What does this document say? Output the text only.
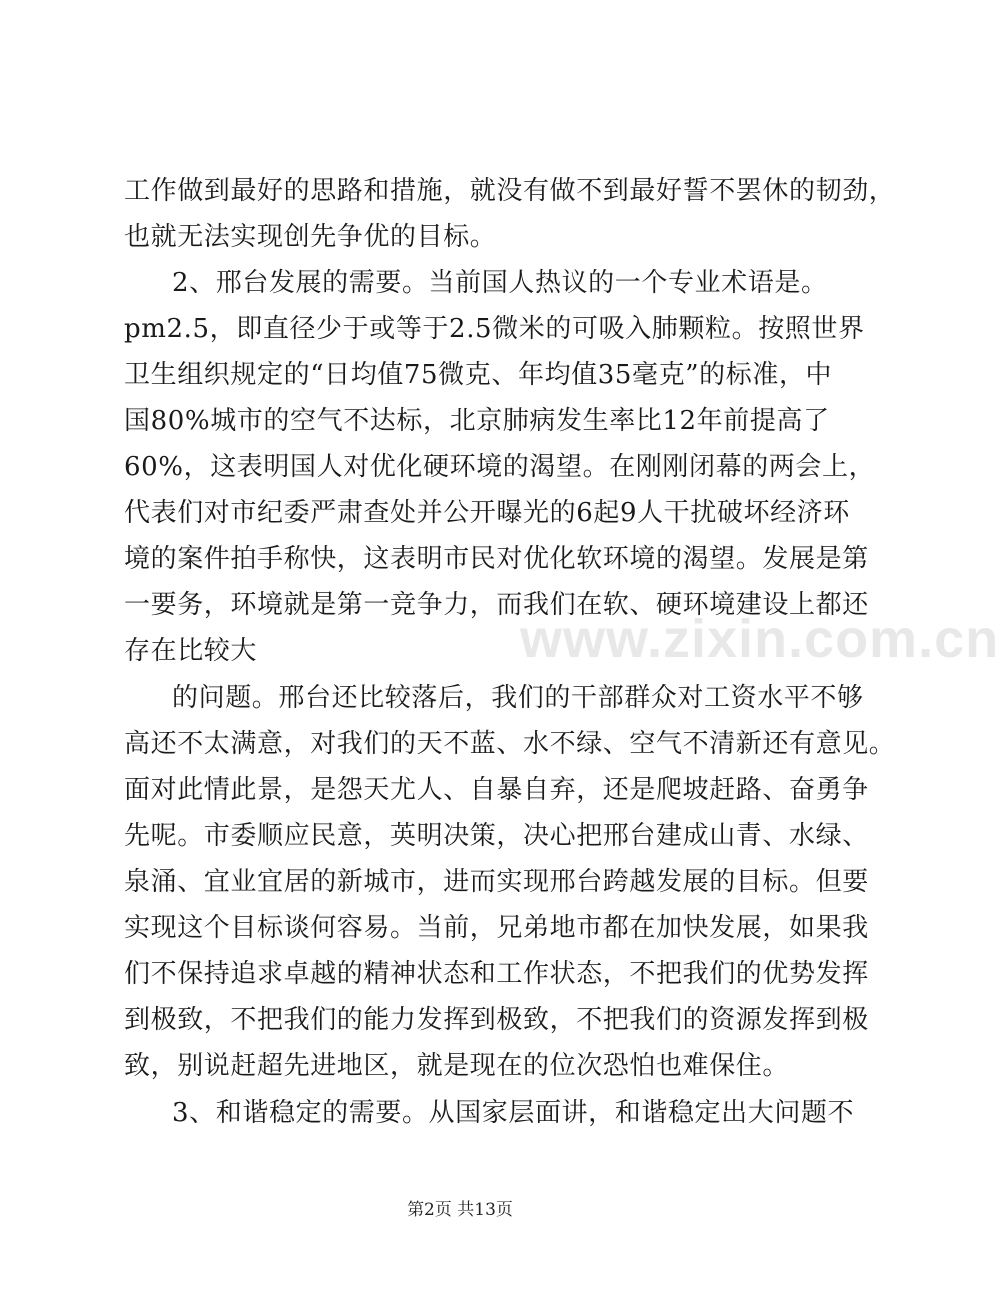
工作做到最好的思路和措施，就没有做不到最好誓不罢休的韧劲，
也就无法实现创先争优的目标。
2、邢台发展的需要。当前国人热议的一个专业术语是。
pm2.5，即直径少于或等于2.5微米的可吸入肺颗粒。按照世界
卫生组织规定的“日均值75微克、年均值35毫克”的标准，中
国80%城市的空气不达标，北京肺病发生率比12年前提高了
60%，这表明国人对优化硬环境的渴望。在刚刚闭幕的两会上，
代表们对市纪委严肃查处并公开曝光的6起9人干扰破坏经济环
境的案件拍手称快，这表明市民对优化软环境的渴望。发展是第
一要务，环境就是第一竞争力，而我们在软、硬环境建设上都还
存在比较大
的问题。邢台还比较落后，我们的干部群众对工资水平不够
高还不太满意，对我们的天不蓝、水不绿、空气不清新还有意见。
面对此情此景，是怨天尤人、自暴自弃，还是爬坡赶路、奋勇争
先呢。市委顺应民意，英明决策，决心把邢台建成山青、水绿、
泉涌、宜业宜居的新城市，进而实现邢台跨越发展的目标。但要
实现这个目标谈何容易。当前，兄弟地市都在加快发展，如果我
们不保持追求卓越的精神状态和工作状态，不把我们的优势发挥
到极致，不把我们的能力发挥到极致，不把我们的资源发挥到极
致，别说赶超先进地区，就是现在的位次恐怕也难保住。
3、和谐稳定的需要。从国家层面讲，和谐稳定出大问题不
www.zixin.com.cn
第2页 共13页
